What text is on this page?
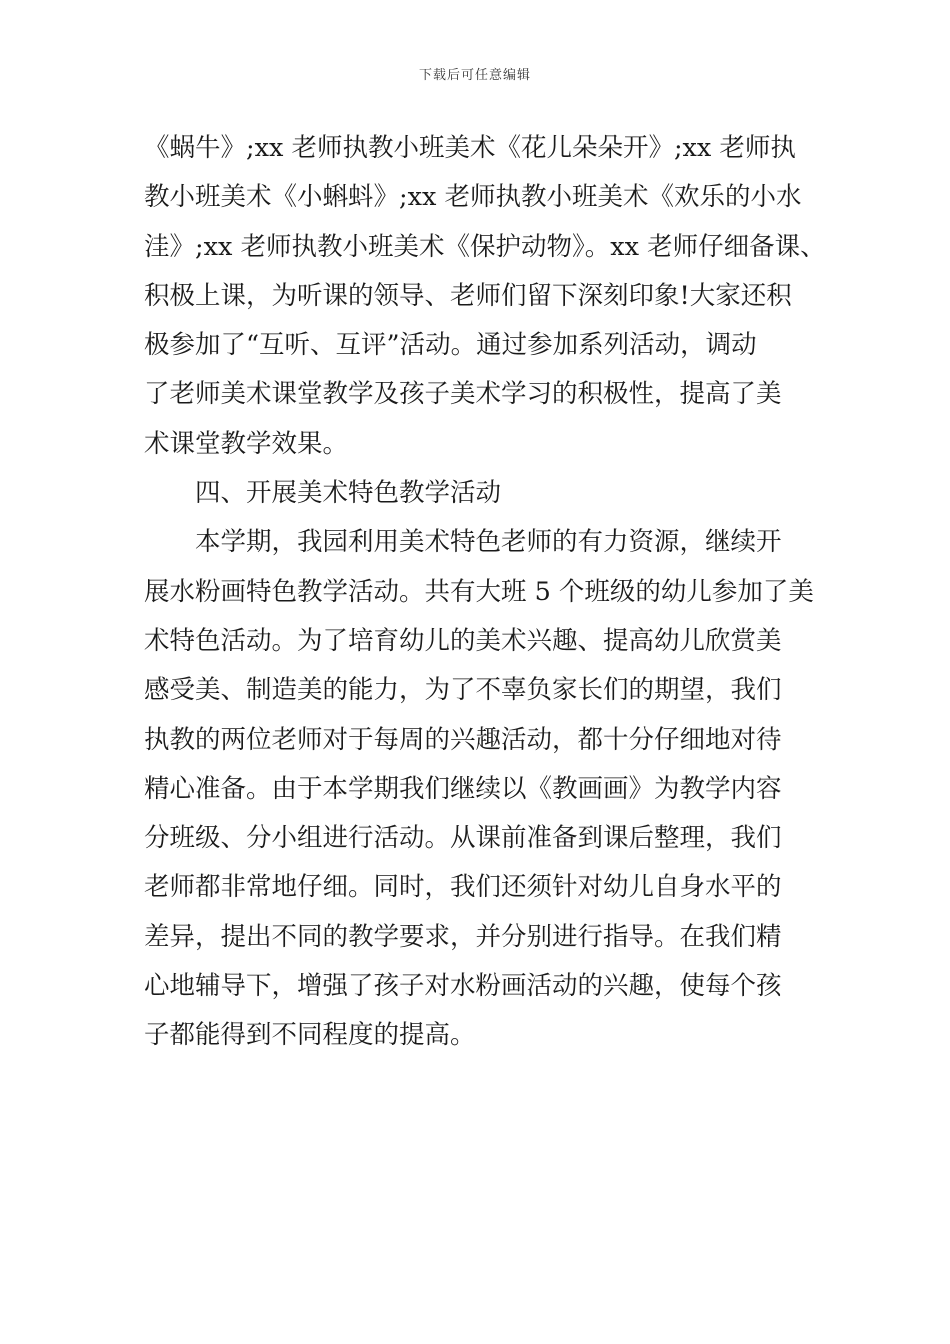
下载后可任意编辑
《蜗牛》;xx 老师执教小班美术《花儿朵朵开》;xx 老师执
教小班美术《小蝌蚪》;xx 老师执教小班美术《欢乐的小水
洼》;xx 老师执教小班美术《保护动物》。xx 老师仔细备课、
积极上课，为听课的领导、老师们留下深刻印象!大家还积
极参加了“互听、互评”活动。通过参加系列活动，调动
了老师美术课堂教学及孩子美术学习的积极性，提高了美
术课堂教学效果。
四、开展美术特色教学活动
本学期，我园利用美术特色老师的有力资源，继续开
展水粉画特色教学活动。共有大班 5 个班级的幼儿参加了美
术特色活动。为了培育幼儿的美术兴趣、提高幼儿欣赏美
感受美、制造美的能力，为了不辜负家长们的期望，我们
执教的两位老师对于每周的兴趣活动，都十分仔细地对待
精心准备。由于本学期我们继续以《教画画》为教学内容
分班级、分小组进行活动。从课前准备到课后整理，我们
老师都非常地仔细。同时，我们还须针对幼儿自身水平的
差异，提出不同的教学要求，并分别进行指导。在我们精
心地辅导下，增强了孩子对水粉画活动的兴趣，使每个孩
子都能得到不同程度的提高。
